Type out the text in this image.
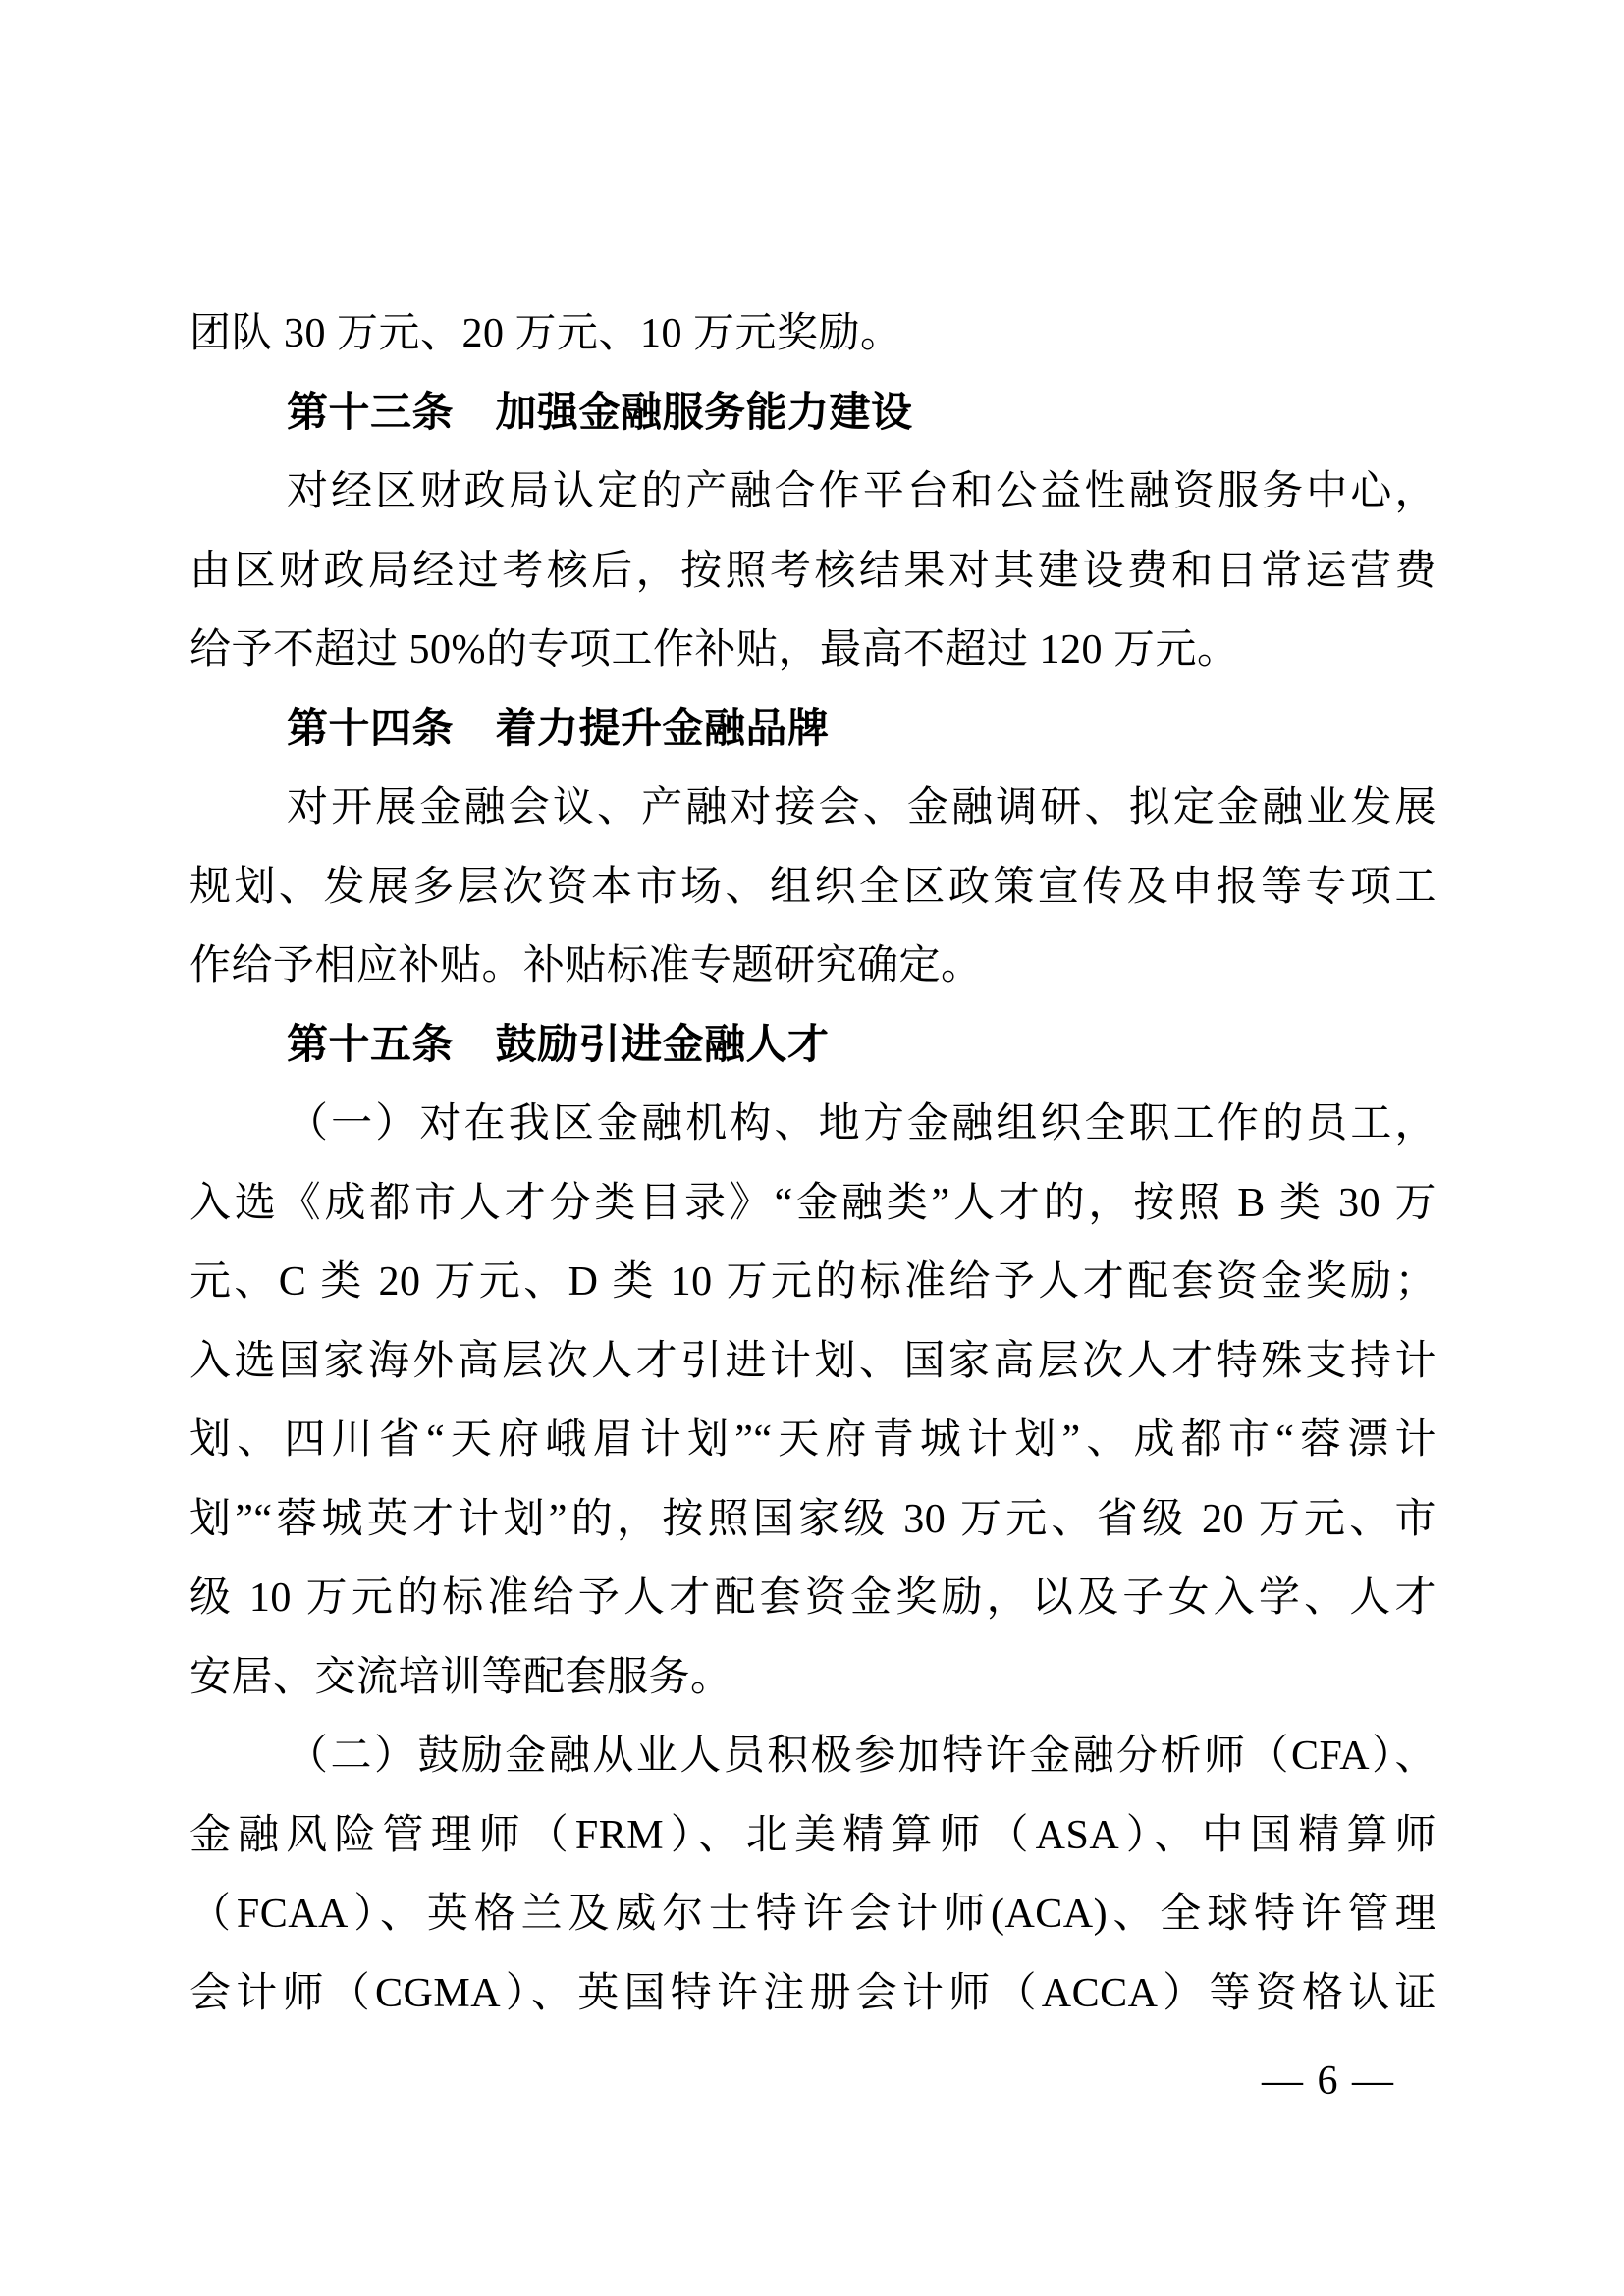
团队 30 万元、20 万元、10 万元奖励。
第十三条　加强金融服务能力建设
对经区财政局认定的产融合作平台和公益性融资服务中心，
由区财政局经过考核后，按照考核结果对其建设费和日常运营费
给予不超过 50%的专项工作补贴，最高不超过 120 万元。
第十四条　着力提升金融品牌
对开展金融会议、产融对接会、金融调研、拟定金融业发展
规划、发展多层次资本市场、组织全区政策宣传及申报等专项工
作给予相应补贴。补贴标准专题研究确定。
第十五条　鼓励引进金融人才
（一）对在我区金融机构、地方金融组织全职工作的员工，
入选《成都市人才分类目录》“金融类”人才的，按照 B 类 30 万
元、C 类 20 万元、D 类 10 万元的标准给予人才配套资金奖励；
入选国家海外高层次人才引进计划、国家高层次人才特殊支持计
划、四川省“天府峨眉计划”“天府青城计划”、成都市“蓉漂计
划”“蓉城英才计划”的，按照国家级 30 万元、省级 20 万元、市
级 10 万元的标准给予人才配套资金奖励，以及子女入学、人才
安居、交流培训等配套服务。
（二）鼓励金融从业人员积极参加特许金融分析师（CFA）、
金融风险管理师（FRM）、北美精算师（ASA）、中国精算师
（FCAA）、英格兰及威尔士特许会计师(ACA)、全球特许管理
会计师（CGMA）、英国特许注册会计师（ACCA）等资格认证
— 6 —
